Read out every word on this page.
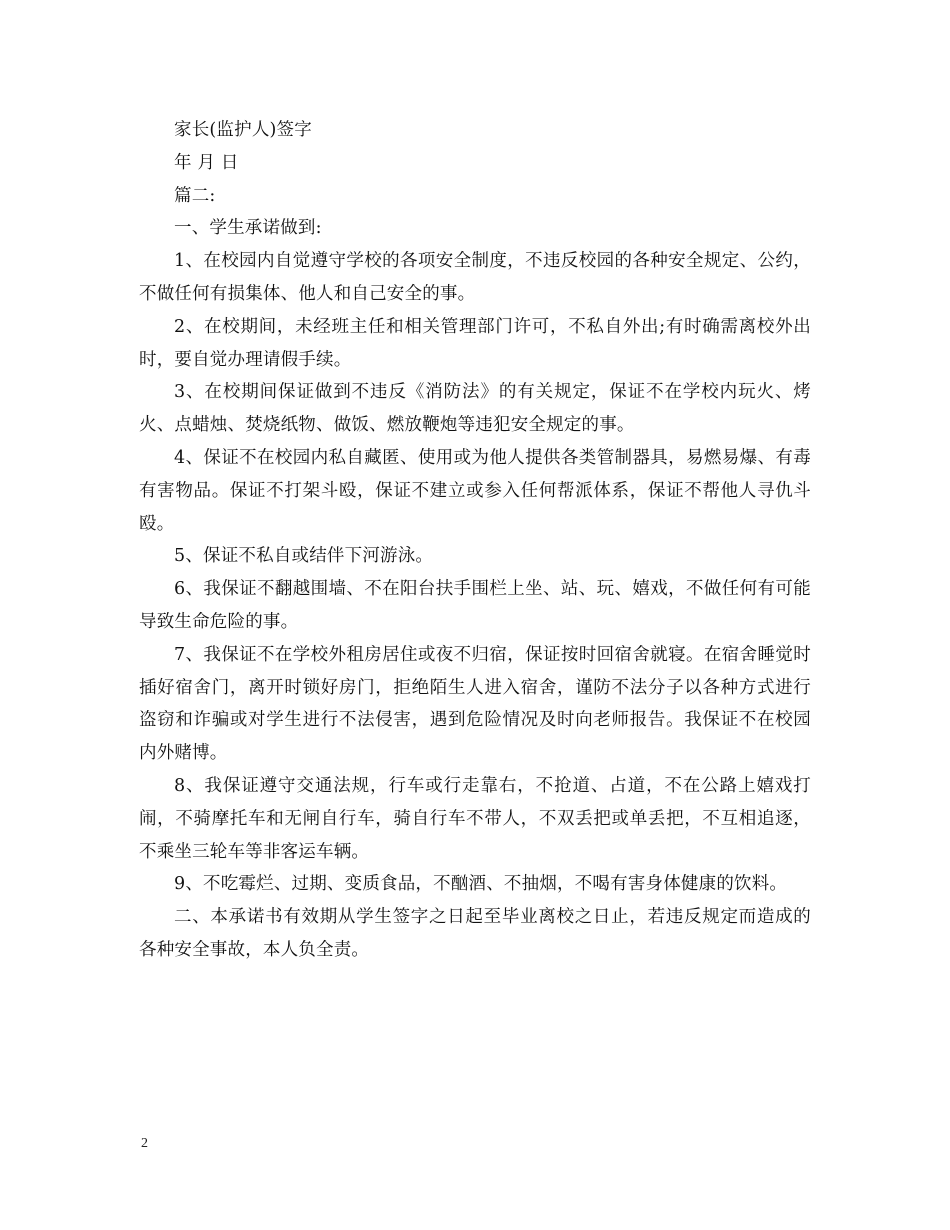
家长(监护人)签字

年 月 日

篇二:

一、学生承诺做到:

1、在校园内自觉遵守学校的各项安全制度，不违反校园的各种安全规定、公约，不做任何有损集体、他人和自己安全的事。

2、在校期间，未经班主任和相关管理部门许可，不私自外出;有时确需离校外出时，要自觉办理请假手续。

3、在校期间保证做到不违反《消防法》的有关规定，保证不在学校内玩火、烤火、点蜡烛、焚烧纸物、做饭、燃放鞭炮等违犯安全规定的事。

4、保证不在校园内私自藏匿、使用或为他人提供各类管制器具，易燃易爆、有毒有害物品。保证不打架斗殴，保证不建立或参入任何帮派体系，保证不帮他人寻仇斗殴。

5、保证不私自或结伴下河游泳。

6、我保证不翻越围墙、不在阳台扶手围栏上坐、站、玩、嬉戏，不做任何有可能导致生命危险的事。

7、我保证不在学校外租房居住或夜不归宿，保证按时回宿舍就寝。在宿舍睡觉时插好宿舍门，离开时锁好房门，拒绝陌生人进入宿舍，谨防不法分子以各种方式进行盗窃和诈骗或对学生进行不法侵害，遇到危险情况及时向老师报告。我保证不在校园内外赌博。

8、我保证遵守交通法规，行车或行走靠右，不抢道、占道，不在公路上嬉戏打闹，不骑摩托车和无闸自行车，骑自行车不带人，不双丢把或单丢把，不互相追逐，不乘坐三轮车等非客运车辆。

9、不吃霉烂、过期、变质食品，不酗酒、不抽烟，不喝有害身体健康的饮料。

二、本承诺书有效期从学生签字之日起至毕业离校之日止，若违反规定而造成的各种安全事故，本人负全责。

2
